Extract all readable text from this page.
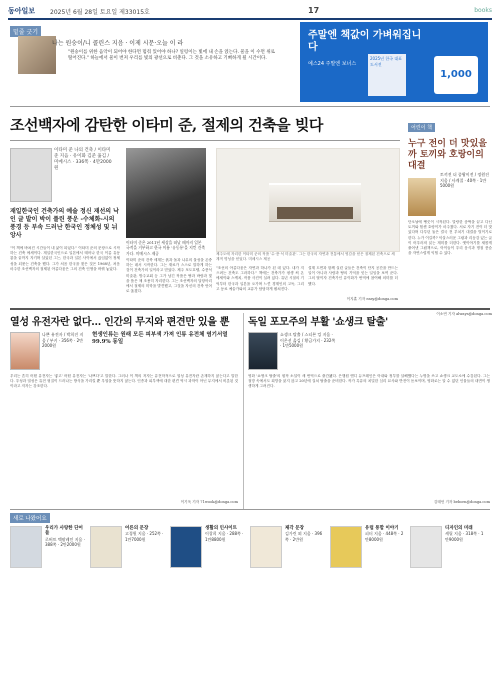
동아일보 2025년 6월 28일 토요일 제33015호	17	books
밑줄 긋기
나는 원숭이/니 콜린스 지음 · 이제 시문·오늘 이 라
"원숭이를 위한 음악이 되어야 한다면 멈춰 있어야 하나? 일렁이는 빛에 내 손을 얹는다. 물을 이 수면 위로 떨어진다." 하늘에서 물이 번져 우리를 빛의 광선으로 비춘다. 그 것을 소유하고 기뻐하게 될 시간이다.
주말엔 책값이 가벼워집니다
예스24 주말엔 보너스
2025년 한국 대표 도서전
1,000
조선백자에 감탄한 이타미 준, 절제의 건축을 빚다
이타미 준 나의 건축 / 이타미 준 지음 · 유이화 김준 옮김 / 미메시스 · 336쪽 · 4만2000원
재일한국인 건축가의 예술 정신 재선의 낙인 글 발이 박이 풀린 풍운 -수체화-시의 풍경 등 부속 드러난 한국인 정체성 및 뉘앙사
"이 책에 바쳐진 시간들이 내 삶이 되었다." 이타미 준의 문장으로 시작하는 건축 에세이다. 재일한국인으로 일본에서 태어나 한국 이름 유동룡을 끝까지 지키며 살았던 그는, 한국과 일본 사이에서 끊임없이 정체성을 되묻는 건축을 했다. 그가 처음 한국을 찾은 것은 1968년, 처음 마주한 조선백자의 절제된 아름다움은 그의 건축 인생을 바꿔 놓았다.
이타미 준은 2011년 세상을 떠날 때까지 일본 국적을 거부하고 한국 이름 '유동룡'을 지킨 건축가다. 미메시스 제공
이타미 준의 건축 세계는 흙과 돌과 나무의 물성을 존중하는 데서 시작한다. 그는 재료가 스스로 말하게 하는 것이 건축가의 일이라고 믿었다. 제주 포도호텔, 수풍석 미술관, 방주교회 등 그가 남긴 작품은 땅과 바람과 빛을 품은 채 조용히 자리한다. 그는 조선백자의 달항아리에서 절제의 미학을 발견했고, 그것을 자신의 건축 언어로 옮겼다.
제주도에 자리한 이타미 준의 작품 '수·풍·석 미술관'. 그는 한국의 자연과 전통에서 영감을 얻은 절제된 건축으로 세계적 명성을 얻었다. 미메시스 제공
"조선의 아름다움은 자연과 하나가 된 데 있다. 내가 지으려는 건축도 그러하다." 책에는 건축가가 평생 써 온 에세이와 스케치, 작품 사진이 실려 있다. 유년 시절의 기억부터 한국과 일본을 오가며 느낀 경계인의 고독, 그리고 동료 예술가와의 교유가 담담하게 펼쳐진다.
설계 도면과 함께 실린 글들은 건축이 단지 공간을 만드는 일이 아니라 사람과 땅의 기억을 잇는 일임을 보여 준다. 그의 딸이자 건축가인 유이화가 번역에 참여해 의미를 더했다.
이지훈 기자 easy@donga.com
어린이 책
누구 전이 더 맛있을까 토끼와 호랑이의 대결
토끼전 더 종왕이전 / 정원진 지음 / 사계절 · 40쪽 · 1만5000원
단오날에 뻥끗이 시작된다. 말랑한 솜떡을 끝고 다닌 토끼와 힘센 호랑이가 마주쳤다. 서로 자기 전이 더 맛있다며 다투던 둘은 결국 전 부치기 대결을 벌이기로 한다. 누가 이길까? 익살스러운 그림과 리듬감 있는 글이 어우러져 읽는 재미를 더한다. 옛이야기를 새롭게 풀어낸 그림책으로, 아이들이 우리 음식과 명절 풍습을 자연스럽게 익힐 수 있다.
이소연 기자 always@donga.com
열성 유전자란 없다… 인간의 무지와 편견만 있을 뿐
나쁜 유전자 / 박희진 지음 / 부키 · 356쪽 · 2만2000원
현생인류는 원래 모든 피부색 가져 인류 유전체 염기서열 99.9% 동일
우리는 흔히 어떤 유전자는 '좋고' 어떤 유전자는 '나쁘다'고 말한다. 그러나 이 책의 저자는 유전학적으로 열성 유전자란 존재하지 않는다고 말한다. 우성과 열성은 유전 형질이 드러나는 방식을 가리킬 뿐 우열을 뜻하지 않는다. 인종과 피부색에 대한 편견 역시 과학이 아닌 무지에서 비롯된 것이라고 저자는 강조한다.
이기욱 기자 71wook@donga.com
독일 포모주의 부활 '쇼생크 탈출'
쇼생크 탈출 / 스티븐 킹 지음 · 이은선 옮김 / 황금가지 · 232쪽 · 1만5000원
영화 '쇼생크 탈출'의 원작 소설이 새 번역으로 출간됐다. 은행원 앤디 듀프레인은 아내와 정부를 살해했다는 누명을 쓰고 쇼생크 교도소에 수감된다. 그는 절망 속에서도 희망을 잃지 않고 20년에 걸쳐 탈출을 준비한다. 작가 특유의 치밀한 심리 묘사와 반전이 돋보이며, 영화로는 알 수 없던 인물들의 내면이 생생하게 그려진다.
김태언 기자 beborn@donga.com
새로 나왔어요
우리가 사랑한 단어들
로버트 맥팔레인 지음 · 388쪽 · 2만2000원
어른의 문장
고경원 지음 · 252쪽 · 1만7000원
생활의 인사이트
이창희 지음 · 288쪽 · 1만8800원
제각 문장
김가린 외 지음 · 396쪽 · 2만원
유럽 통합 이야기
피터 지음 · 448쪽 · 2만8000원
디자인의 미래
셰릴 지음 · 318쪽 · 1만9000원
